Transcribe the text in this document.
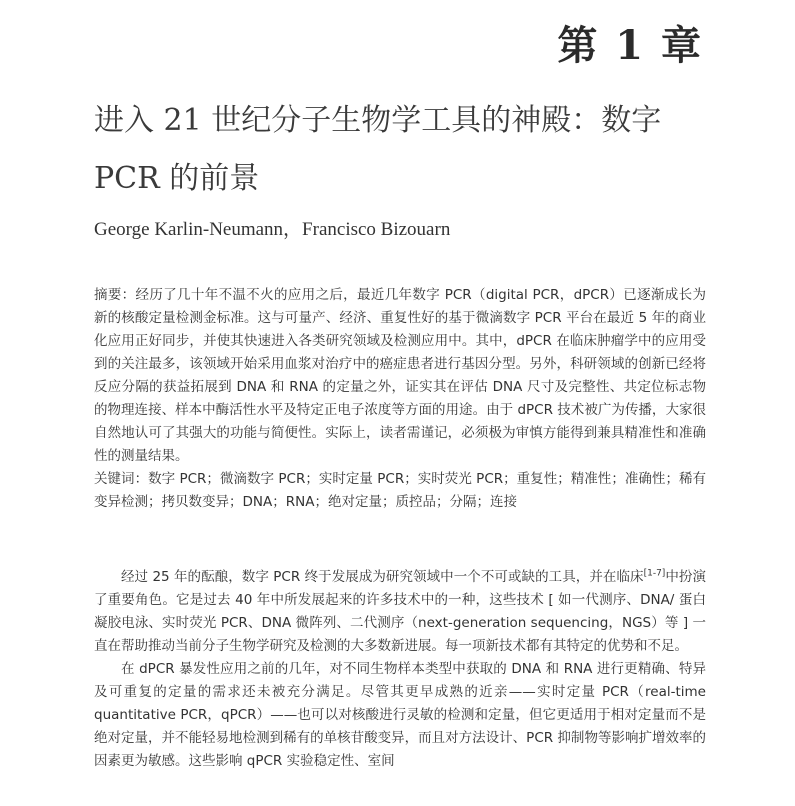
第 1 章
进入 21 世纪分子生物学工具的神殿：数字
PCR 的前景
George Karlin-Neumann，Francisco Bizouarn

摘要：经历了几十年不温不火的应用之后，最近几年数字 PCR（digital PCR，dPCR）已逐渐成长为新的核酸定量检测金标准。这与可量产、经济、重复性好的基于微滴数字 PCR 平台在最近 5 年的商业化应用正好同步，并使其快速进入各类研究领域及检测应用中。其中，dPCR 在临床肿瘤学中的应用受到的关注最多，该领域开始采用血浆对治疗中的癌症患者进行基因分型。另外，科研领域的创新已经将反应分隔的获益拓展到 DNA 和 RNA 的定量之外，证实其在评估 DNA 尺寸及完整性、共定位标志物的物理连接、样本中酶活性水平及特定正电子浓度等方面的用途。由于 dPCR 技术被广为传播，大家很自然地认可了其强大的功能与简便性。实际上，读者需谨记，必须极为审慎方能得到兼具精准性和准确性的测量结果。

关键词：数字 PCR；微滴数字 PCR；实时定量 PCR；实时荧光 PCR；重复性；精准性；准确性；稀有变异检测；拷贝数变异；DNA；RNA；绝对定量；质控品；分隔；连接

经过 25 年的酝酿，数字 PCR 终于发展成为研究领域中一个不可或缺的工具，并在临床[1-7]中扮演了重要角色。它是过去 40 年中所发展起来的许多技术中的一种，这些技术 [ 如一代测序、DNA/ 蛋白凝胶电泳、实时荧光 PCR、DNA 微阵列、二代测序（next-generation sequencing，NGS）等 ] 一直在帮助推动当前分子生物学研究及检测的大多数新进展。每一项新技术都有其特定的优势和不足。

在 dPCR 暴发性应用之前的几年，对不同生物样本类型中获取的 DNA 和 RNA 进行更精确、特异及可重复的定量的需求还未被充分满足。尽管其更早成熟的近亲——实时定量 PCR（real-time quantitative PCR，qPCR）——也可以对核酸进行灵敏的检测和定量，但它更适用于相对定量而不是绝对定量，并不能轻易地检测到稀有的单核苷酸变异，而且对方法设计、PCR 抑制物等影响扩增效率的因素更为敏感。这些影响 qPCR 实验稳定性、室间
